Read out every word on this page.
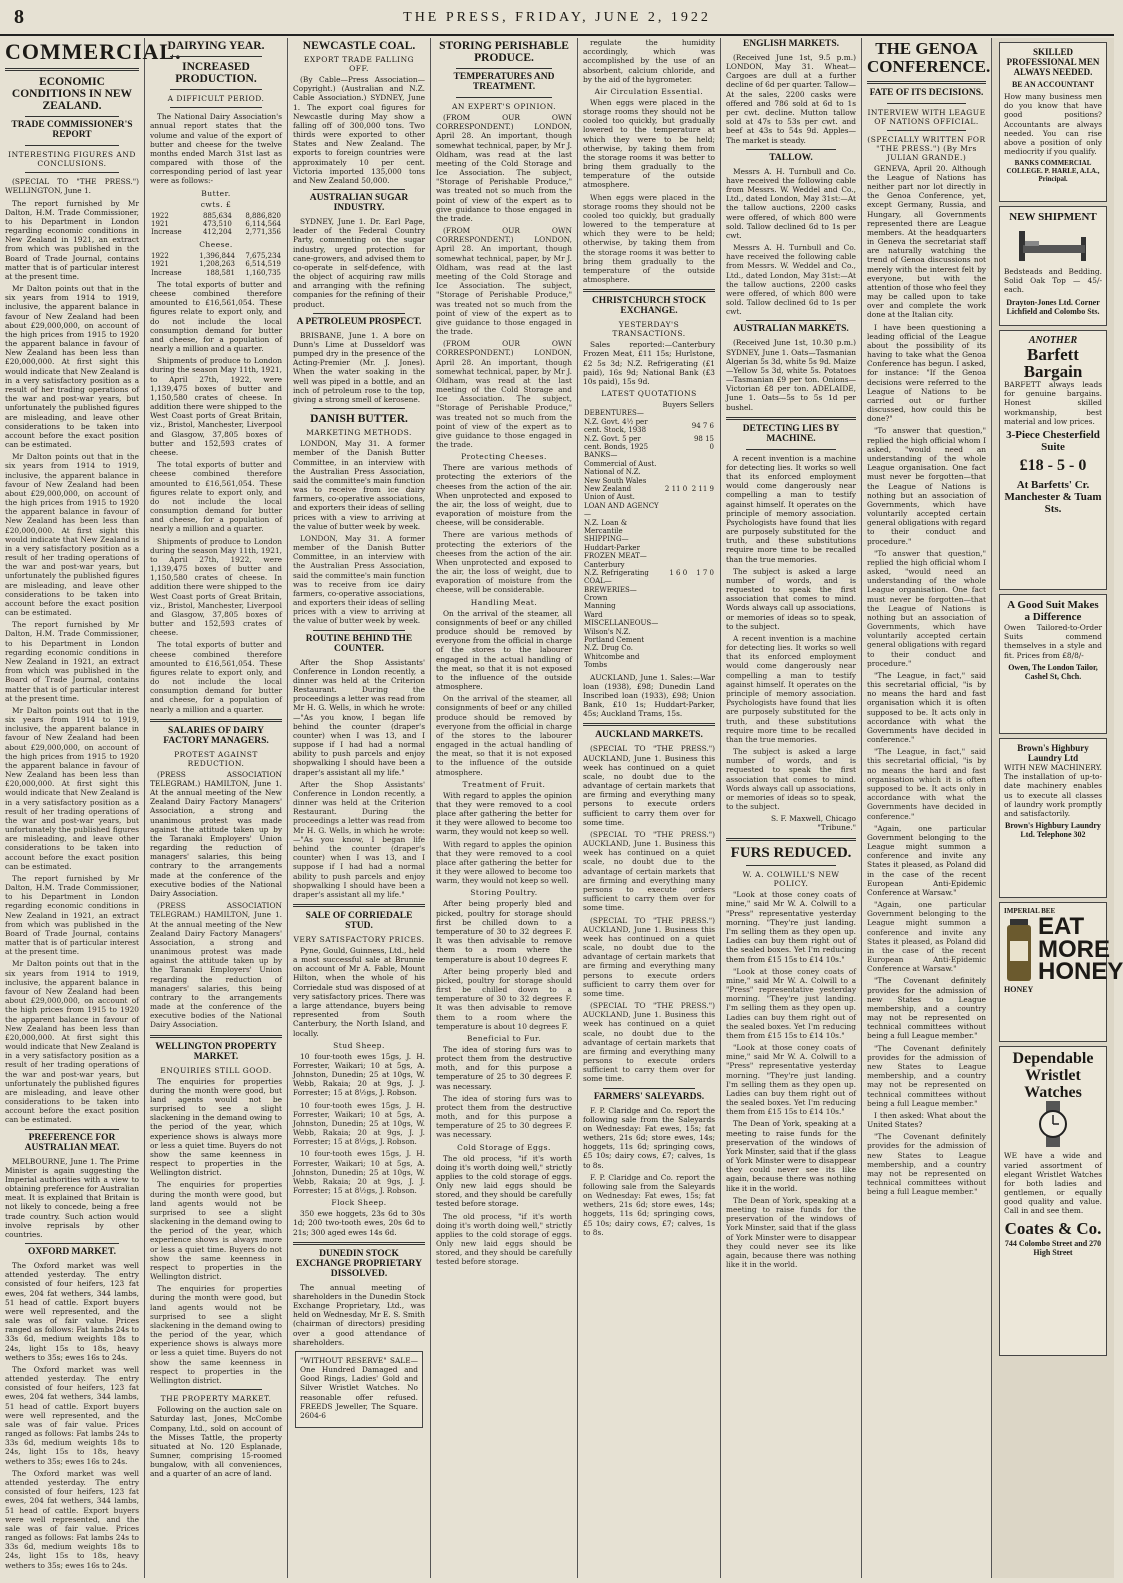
8	THE PRESS, FRIDAY, JUNE 2, 1922
COMMERCIAL.
ECONOMIC CONDITIONS IN NEW ZEALAND.
TRADE COMMISSIONER'S REPORT
INTERESTING FIGURES AND CONCLUSIONS.

(SPECIAL TO "THE PRESS.") WELLINGTON, June 1.

The report furnished by Mr Dalton, H.M. Trade Commissioner, to his Department in London regarding economic conditions in New Zealand in 1921, an extract from which was published in the Board of Trade Journal, contains matter that is of particular interest at the present time.

Mr Dalton points out that in the six years from 1914 to 1919, inclusive, the apparent balance in favour of New Zealand had been about £29,000,000, on account of the high prices from 1915 to 1920 the apparent balance in favour of New Zealand has been less than £20,000,000. At first sight this would indicate that New Zealand is in a very satisfactory position as a result of her trading operations of the war and post-war years, but unfortunately the published figures are misleading, and leave other considerations to be taken into account before the exact position can be estimated.

Mr Dalton points out that in the six years from 1914 to 1919, inclusive, the apparent balance in favour of New Zealand had been about £29,000,000, on account of the high prices from 1915 to 1920 the apparent balance in favour of New Zealand has been less than £20,000,000. At first sight this would indicate that New Zealand is in a very satisfactory position as a result of her trading operations of the war and post-war years, but unfortunately the published figures are misleading, and leave other considerations to be taken into account before the exact position can be estimated.

The report furnished by Mr Dalton, H.M. Trade Commissioner, to his Department in London regarding economic conditions in New Zealand in 1921, an extract from which was published in the Board of Trade Journal, contains matter that is of particular interest at the present time.

Mr Dalton points out that in the six years from 1914 to 1919, inclusive, the apparent balance in favour of New Zealand had been about £29,000,000, on account of the high prices from 1915 to 1920 the apparent balance in favour of New Zealand has been less than £20,000,000. At first sight this would indicate that New Zealand is in a very satisfactory position as a result of her trading operations of the war and post-war years, but unfortunately the published figures are misleading, and leave other considerations to be taken into account before the exact position can be estimated.

The report furnished by Mr Dalton, H.M. Trade Commissioner, to his Department in London regarding economic conditions in New Zealand in 1921, an extract from which was published in the Board of Trade Journal, contains matter that is of particular interest at the present time.

Mr Dalton points out that in the six years from 1914 to 1919, inclusive, the apparent balance in favour of New Zealand had been about £29,000,000, on account of the high prices from 1915 to 1920 the apparent balance in favour of New Zealand has been less than £20,000,000. At first sight this would indicate that New Zealand is in a very satisfactory position as a result of her trading operations of the war and post-war years, but unfortunately the published figures are misleading, and leave other considerations to be taken into account before the exact position can be estimated.

PREFERENCE FOR AUSTRALIAN MEAT.

MELBOURNE, June 1. The Prime Minister is again suggesting the Imperial authorities with a view to obtaining preference for Australian meat. It is explained that Britain is not likely to concede, being a free trade country. Such action would involve reprisals by other countries.

OXFORD MARKET.

The Oxford market was well attended yesterday. The entry consisted of four heifers, 123 fat ewes, 204 fat wethers, 344 lambs, 51 head of cattle. Export buyers were well represented, and the sale was of fair value. Prices ranged as follows: Fat lambs 24s to 33s 6d, medium weights 18s to 24s, light 15s to 18s, heavy wethers to 35s; ewes 16s to 24s.

The Oxford market was well attended yesterday. The entry consisted of four heifers, 123 fat ewes, 204 fat wethers, 344 lambs, 51 head of cattle. Export buyers were well represented, and the sale was of fair value. Prices ranged as follows: Fat lambs 24s to 33s 6d, medium weights 18s to 24s, light 15s to 18s, heavy wethers to 35s; ewes 16s to 24s.

The Oxford market was well attended yesterday. The entry consisted of four heifers, 123 fat ewes, 204 fat wethers, 344 lambs, 51 head of cattle. Export buyers were well represented, and the sale was of fair value. Prices ranged as follows: Fat lambs 24s to 33s 6d, medium weights 18s to 24s, light 15s to 18s, heavy wethers to 35s; ewes 16s to 24s.

DAIRYING YEAR.
INCREASED PRODUCTION.
A DIFFICULT PERIOD.

The National Dairy Association's annual report states that the volume and value of the export of butter and cheese for the twelve months ended March 31st last as compared with those of the corresponding period of last year were as follows:-

Butter.
cwts. £
1922	885,634	8,886,820
1921	473,510	6,114,564
Increase	412,204	2,771,356
Cheese.
1922	1,396,844	7,675,234
1921	1,208,263	6,514,519
Increase	188,581	1,160,735

The total exports of butter and cheese combined therefore amounted to £16,561,054. These figures relate to export only, and do not include the local consumption demand for butter and cheese, for a population of nearly a million and a quarter.

Shipments of produce to London during the season May 11th, 1921, to April 27th, 1922, were 1,139,475 boxes of butter and 1,150,580 crates of cheese. In addition there were shipped to the West Coast ports of Great Britain, viz., Bristol, Manchester, Liverpool and Glasgow, 37,805 boxes of butter and 152,593 crates of cheese.

The total exports of butter and cheese combined therefore amounted to £16,561,054. These figures relate to export only, and do not include the local consumption demand for butter and cheese, for a population of nearly a million and a quarter.

Shipments of produce to London during the season May 11th, 1921, to April 27th, 1922, were 1,139,475 boxes of butter and 1,150,580 crates of cheese. In addition there were shipped to the West Coast ports of Great Britain, viz., Bristol, Manchester, Liverpool and Glasgow, 37,805 boxes of butter and 152,593 crates of cheese.

The total exports of butter and cheese combined therefore amounted to £16,561,054. These figures relate to export only, and do not include the local consumption demand for butter and cheese, for a population of nearly a million and a quarter.

SALARIES OF DAIRY FACTORY MANAGERS.
PROTEST AGAINST REDUCTION.

(PRESS ASSOCIATION TELEGRAM.) HAMILTON, June 1. At the annual meeting of the New Zealand Dairy Factory Managers' Association, a strong and unanimous protest was made against the attitude taken up by the Taranaki Employers' Union regarding the reduction of managers' salaries, this being contrary to the arrangements made at the conference of the executive bodies of the National Dairy Association.

(PRESS ASSOCIATION TELEGRAM.) HAMILTON, June 1. At the annual meeting of the New Zealand Dairy Factory Managers' Association, a strong and unanimous protest was made against the attitude taken up by the Taranaki Employers' Union regarding the reduction of managers' salaries, this being contrary to the arrangements made at the conference of the executive bodies of the National Dairy Association.

WELLINGTON PROPERTY MARKET.
ENQUIRIES STILL GOOD.

The enquiries for properties during the month were good, but land agents would not be surprised to see a slight slackening in the demand owing to the period of the year, which experience shows is always more or less a quiet time. Buyers do not show the same keenness in respect to properties in the Wellington district.

The enquiries for properties during the month were good, but land agents would not be surprised to see a slight slackening in the demand owing to the period of the year, which experience shows is always more or less a quiet time. Buyers do not show the same keenness in respect to properties in the Wellington district.

The enquiries for properties during the month were good, but land agents would not be surprised to see a slight slackening in the demand owing to the period of the year, which experience shows is always more or less a quiet time. Buyers do not show the same keenness in respect to properties in the Wellington district.

THE PROPERTY MARKET.

Following on the auction sale on Saturday last, Jones, McCombe Company, Ltd., sold on account of the Misses Tattle, the property situated at No. 120 Esplanade, Sumner, comprising 15-roomed bungalow, with all conveniences, and a quarter of an acre of land.

NEWCASTLE COAL.
EXPORT TRADE FALLING OFF.

(By Cable—Press Association—Copyright.) (Australian and N.Z. Cable Association.) SYDNEY, June 1. The export coal figures for Newcastle during May show a falling off of 300,000 tons. Two thirds were exported to other States and New Zealand. The exports to foreign countries were approximately 10 per cent. Victoria imported 135,000 tons and New Zealand 50,000.

AUSTRALIAN SUGAR INDUSTRY.

SYDNEY, June 1. Dr. Earl Page, leader of the Federal Country Party, commenting on the sugar industry, urged protection for cane-growers, and advised them to co-operate in self-defence, with the object of acquiring raw mills and arranging with the refining companies for the refining of their product.

A PETROLEUM PROSPECT.

BRISBANE, June 1. A bore on Dunn's Lime at Dusseldorf was pumped dry in the presence of the Acting-Premier (Mr. J. Jones). When the water soaking in the well was piped in a bottle, and an inch of petroleum rose to the top, giving a strong smell of kerosene.

DANISH BUTTER.
MARKETING METHODS.

LONDON, May 31. A former member of the Danish Butter Committee, in an interview with the Australian Press Association, said the committee's main function was to receive from ice dairy farmers, co-operative associations, and exporters their ideas of selling prices with a view to arriving at the value of butter week by week.

LONDON, May 31. A former member of the Danish Butter Committee, in an interview with the Australian Press Association, said the committee's main function was to receive from ice dairy farmers, co-operative associations, and exporters their ideas of selling prices with a view to arriving at the value of butter week by week.

ROUTINE BEHIND THE COUNTER.

After the Shop Assistants' Conference in London recently, a dinner was held at the Criterion Restaurant. During the proceedings a letter was read from Mr H. G. Wells, in which he wrote:—"As you know, I began life behind the counter (draper's counter) when I was 13, and I suppose if I had had a normal ability to push parcels and enjoy shopwalking I should have been a draper's assistant all my life."

After the Shop Assistants' Conference in London recently, a dinner was held at the Criterion Restaurant. During the proceedings a letter was read from Mr H. G. Wells, in which he wrote:—"As you know, I began life behind the counter (draper's counter) when I was 13, and I suppose if I had had a normal ability to push parcels and enjoy shopwalking I should have been a draper's assistant all my life."

SALE OF CORRIEDALE STUD.
VERY SATISFACTORY PRICES.

Pyne, Gould, Guinness, Ltd., held a most successful sale at Brunnie on account of Mr A. Fable, Mount Hilton, when the whole of his Corriedale stud was disposed of at very satisfactory prices. There was a large attendance, buyers being represented from South Canterbury, the North Island, and locally.

Stud Sheep.

10 four-tooth ewes 15gs, J. H. Forrester, Waikari; 10 at 5gs, A. Johnston, Dunedin; 25 at 10gs, W. Webb, Rakaia; 20 at 9gs, J. J. Forrester; 15 at 8½gs, J. Robson.

10 four-tooth ewes 15gs, J. H. Forrester, Waikari; 10 at 5gs, A. Johnston, Dunedin; 25 at 10gs, W. Webb, Rakaia; 20 at 9gs, J. J. Forrester; 15 at 8½gs, J. Robson.

10 four-tooth ewes 15gs, J. H. Forrester, Waikari; 10 at 5gs, A. Johnston, Dunedin; 25 at 10gs, W. Webb, Rakaia; 20 at 9gs, J. J. Forrester; 15 at 8½gs, J. Robson.

Flock Sheep.

350 ewe hoggets, 23s 6d to 30s 1d; 200 two-tooth ewes, 20s 6d to 21s; 300 aged ewes 14s 6d.

DUNEDIN STOCK EXCHANGE PROPRIETARY DISSOLVED.

The annual meeting of shareholders in the Dunedin Stock Exchange Proprietary, Ltd., was held on Wednesday, Mr E. S. Smith (chairman of directors) presiding over a good attendance of shareholders.

"WITHOUT RESERVE" SALE—One Hundred Damaged and Good Rings, Ladies' Gold and Silver Wristlet Watches. No reasonable offer refused. FREEDS Jeweller, The Square. 2604-6

STORING PERISHABLE PRODUCE.
TEMPERATURES AND TREATMENT.
AN EXPERT'S OPINION.

(FROM OUR OWN CORRESPONDENT.) LONDON, April 28. An important, though somewhat technical, paper, by Mr J. Oldham, was read at the last meeting of the Cold Storage and Ice Association. The subject, "Storage of Perishable Produce," was treated not so much from the point of view of the expert as to give guidance to those engaged in the trade.

(FROM OUR OWN CORRESPONDENT.) LONDON, April 28. An important, though somewhat technical, paper, by Mr J. Oldham, was read at the last meeting of the Cold Storage and Ice Association. The subject, "Storage of Perishable Produce," was treated not so much from the point of view of the expert as to give guidance to those engaged in the trade.

(FROM OUR OWN CORRESPONDENT.) LONDON, April 28. An important, though somewhat technical, paper, by Mr J. Oldham, was read at the last meeting of the Cold Storage and Ice Association. The subject, "Storage of Perishable Produce," was treated not so much from the point of view of the expert as to give guidance to those engaged in the trade.

Protecting Cheeses.

There are various methods of protecting the exteriors of the cheeses from the action of the air. When unprotected and exposed to the air, the loss of weight, due to evaporation of moisture from the cheese, will be considerable.

There are various methods of protecting the exteriors of the cheeses from the action of the air. When unprotected and exposed to the air, the loss of weight, due to evaporation of moisture from the cheese, will be considerable.

Handling Meat.

On the arrival of the steamer, all consignments of beef or any chilled produce should be removed by everyone from the official in charge of the stores to the labourer engaged in the actual handling of the meat, so that it is not exposed to the influence of the outside atmosphere.

On the arrival of the steamer, all consignments of beef or any chilled produce should be removed by everyone from the official in charge of the stores to the labourer engaged in the actual handling of the meat, so that it is not exposed to the influence of the outside atmosphere.

Treatment of Fruit.

With regard to apples the opinion that they were removed to a cool place after gathering the better for it they were allowed to become too warm, they would not keep so well.

With regard to apples the opinion that they were removed to a cool place after gathering the better for it they were allowed to become too warm, they would not keep so well.

Storing Poultry.

After being properly bled and picked, poultry for storage should first be chilled down to a temperature of 30 to 32 degrees F. It was then advisable to remove them to a room where the temperature is about 10 degrees F.

After being properly bled and picked, poultry for storage should first be chilled down to a temperature of 30 to 32 degrees F. It was then advisable to remove them to a room where the temperature is about 10 degrees F.

Beneficial to Fur.

The idea of storing furs was to protect them from the destructive moth, and for this purpose a temperature of 25 to 30 degrees F. was necessary.

The idea of storing furs was to protect them from the destructive moth, and for this purpose a temperature of 25 to 30 degrees F. was necessary.

Cold Storage of Eggs.

The old process, "if it's worth doing it's worth doing well," strictly applies to the cold storage of eggs. Only new laid eggs should be stored, and they should be carefully tested before storage.

The old process, "if it's worth doing it's worth doing well," strictly applies to the cold storage of eggs. Only new laid eggs should be stored, and they should be carefully tested before storage.

regulate the humidity accordingly, which was accomplished by the use of an absorbent, calcium chloride, and by the aid of the hygrometer.

Air Circulation Essential.

When eggs were placed in the storage rooms they should not be cooled too quickly, but gradually lowered to the temperature at which they were to be held; otherwise, by taking them from the storage rooms it was better to bring them gradually to the temperature of the outside atmosphere.

When eggs were placed in the storage rooms they should not be cooled too quickly, but gradually lowered to the temperature at which they were to be held; otherwise, by taking them from the storage rooms it was better to bring them gradually to the temperature of the outside atmosphere.

CHRISTCHURCH STOCK EXCHANGE.
YESTERDAY'S TRANSACTIONS.

Sales reported:—Canterbury Frozen Meat, £11 15s; Hurlstone, £2 5s 3d; N.Z. Refrigerating (£1 paid), 16s 9d; National Bank (£3 10s paid), 15s 9d.

LATEST QUOTATIONS
	Buyers	Sellers
DEBENTURES—		
N.Z. Govt. 4½ per cent. Stock, 1938		94 7 6
N.Z. Govt. 5 per cent. Bonds, 1925		98 15 0
BANKS—		
Commercial of Aust.		
National of N.Z.		
New South Wales		
New Zealand	2 11 0	2 11 9
Union of Aust.		
LOAN AND AGENCY—		
N.Z. Loan & Mercantile		
SHIPPING—		
Huddart-Parker		
FROZEN MEAT—		
Canterbury		
N.Z. Refrigerating	1 6 0	1 7 0
COAL—		
BREWERIES—		
Crown		
Manning		
Ward		
MISCELLANEOUS—		
Wilson's N.Z. Portland Cement		
N.Z. Drug Co.		
Whitcombe and Tombs		

AUCKLAND, June 1. Sales:—War loan (1938), £98; Dunedin Land Inscribed loan (1933), £98; Union Bank, £10 1s; Huddart-Parker, 45s; Auckland Trams, 15s.

AUCKLAND MARKETS.

(SPECIAL TO "THE PRESS.") AUCKLAND, June 1. Business this week has continued on a quiet scale, no doubt due to the advantage of certain markets that are firming and everything many persons to execute orders sufficient to carry them over for some time.

(SPECIAL TO "THE PRESS.") AUCKLAND, June 1. Business this week has continued on a quiet scale, no doubt due to the advantage of certain markets that are firming and everything many persons to execute orders sufficient to carry them over for some time.

(SPECIAL TO "THE PRESS.") AUCKLAND, June 1. Business this week has continued on a quiet scale, no doubt due to the advantage of certain markets that are firming and everything many persons to execute orders sufficient to carry them over for some time.

(SPECIAL TO "THE PRESS.") AUCKLAND, June 1. Business this week has continued on a quiet scale, no doubt due to the advantage of certain markets that are firming and everything many persons to execute orders sufficient to carry them over for some time.

FARMERS' SALEYARDS.

F. P. Claridge and Co. report the following sale from the Saleyards on Wednesday: Fat ewes, 15s; fat wethers, 21s 6d; store ewes, 14s; hoggets, 11s 6d; springing cows, £5 10s; dairy cows, £7; calves, 1s to 8s.

F. P. Claridge and Co. report the following sale from the Saleyards on Wednesday: Fat ewes, 15s; fat wethers, 21s 6d; store ewes, 14s; hoggets, 11s 6d; springing cows, £5 10s; dairy cows, £7; calves, 1s to 8s.

ENGLISH MARKETS.

(Received June 1st, 9.5 p.m.) LONDON, May 31. Wheat—Cargoes are dull at a further decline of 6d per quarter. Tallow—At the sales, 2200 casks were offered and 786 sold at 6d to 1s per cwt. decline. Mutton tallow sold at 47s to 53s per cwt. and beef at 43s to 54s 9d. Apples—The market is steady.

TALLOW.

Messrs A. H. Turnbull and Co. have received the following cable from Messrs. W. Weddel and Co., Ltd., dated London, May 31st:—At the tallow auctions, 2200 casks were offered, of which 800 were sold. Tallow declined 6d to 1s per cwt.

Messrs A. H. Turnbull and Co. have received the following cable from Messrs. W. Weddel and Co., Ltd., dated London, May 31st:—At the tallow auctions, 2200 casks were offered, of which 800 were sold. Tallow declined 6d to 1s per cwt.

AUSTRALIAN MARKETS.

(Received June 1st, 10.30 p.m.) SYDNEY, June 1. Oats—Tasmanian Algerian 5s 3d, white 5s 9d. Maize—Yellow 5s 3d, white 5s. Potatoes—Tasmanian £9 per ton. Onions—Victorian £8 per ton. ADELAIDE, June 1. Oats—5s to 5s 1d per bushel.

DETECTING LIES BY MACHINE.

A recent invention is a machine for detecting lies. It works so well that its enforced employment would come dangerously near compelling a man to testify against himself. It operates on the principle of memory association. Psychologists have found that lies are purposely substituted for the truth, and these substitutions require more time to be recalled than the true memories.

The subject is asked a large number of words, and is requested to speak the first association that comes to mind. Words always call up associations, or memories of ideas so to speak, to the subject.

A recent invention is a machine for detecting lies. It works so well that its enforced employment would come dangerously near compelling a man to testify against himself. It operates on the principle of memory association. Psychologists have found that lies are purposely substituted for the truth, and these substitutions require more time to be recalled than the true memories.

The subject is asked a large number of words, and is requested to speak the first association that comes to mind. Words always call up associations, or memories of ideas so to speak, to the subject.

S. F. Maxwell, Chicago "Tribune."

FURS REDUCED.
W. A. COLWILL'S NEW POLICY.

"Look at those coney coats of mine," said Mr W. A. Colwill to a "Press" representative yesterday morning. "They're just landing. I'm selling them as they open up. Ladies can buy them right out of the sealed boxes. Yet I'm reducing them from £15 15s to £14 10s."

"Look at those coney coats of mine," said Mr W. A. Colwill to a "Press" representative yesterday morning. "They're just landing. I'm selling them as they open up. Ladies can buy them right out of the sealed boxes. Yet I'm reducing them from £15 15s to £14 10s."

"Look at those coney coats of mine," said Mr W. A. Colwill to a "Press" representative yesterday morning. "They're just landing. I'm selling them as they open up. Ladies can buy them right out of the sealed boxes. Yet I'm reducing them from £15 15s to £14 10s."

The Dean of York, speaking at a meeting to raise funds for the preservation of the windows of York Minster, said that if the glass of York Minster were to disappear they could never see its like again, because there was nothing like it in the world.

The Dean of York, speaking at a meeting to raise funds for the preservation of the windows of York Minster, said that if the glass of York Minster were to disappear they could never see its like again, because there was nothing like it in the world.

THE GENOA CONFERENCE.
FATE OF ITS DECISIONS.
INTERVIEW WITH LEAGUE OF NATIONS OFFICIAL.
(SPECIALLY WRITTEN FOR "THE PRESS.") (By Mrs JULIAN GRANDE.)

GENEVA, April 20. Although the League of Nations has neither part nor lot directly in the Genoa Conference, yet, except Germany, Russia, and Hungary, all Governments represented there are League members. At the headquarters in Geneva the secretariat staff are naturally watching the trend of Genoa discussions not merely with the interest felt by everyone, but with the attention of those who feel they may be called upon to take over and complete the work done at the Italian city.

I have been questioning a leading official of the League about the possibility of its having to take what the Genoa Conference has begun. I asked, for instance: "If the Genoa decisions were referred to the League of Nations to be carried out or further discussed, how could this be done?"

"To answer that question," replied the high official whom I asked, "would need an understanding of the whole League organisation. One fact must never be forgotten—that the League of Nations is nothing but an association of Governments, which have voluntarily accepted certain general obligations with regard to their conduct and procedure."

"To answer that question," replied the high official whom I asked, "would need an understanding of the whole League organisation. One fact must never be forgotten—that the League of Nations is nothing but an association of Governments, which have voluntarily accepted certain general obligations with regard to their conduct and procedure."

"The League, in fact," said this secretarial official, "is by no means the hard and fast organisation which it is often supposed to be. It acts only in accordance with what the Governments have decided in conference."

"The League, in fact," said this secretarial official, "is by no means the hard and fast organisation which it is often supposed to be. It acts only in accordance with what the Governments have decided in conference."

"Again, one particular Government belonging to the League might summon a conference and invite any States it pleased, as Poland did in the case of the recent European Anti-Epidemic Conference at Warsaw."

"Again, one particular Government belonging to the League might summon a conference and invite any States it pleased, as Poland did in the case of the recent European Anti-Epidemic Conference at Warsaw."

"The Covenant definitely provides for the admission of new States to League membership, and a country may not be represented on technical committees without being a full League member."

"The Covenant definitely provides for the admission of new States to League membership, and a country may not be represented on technical committees without being a full League member."

I then asked: What about the United States?

"The Covenant definitely provides for the admission of new States to League membership, and a country may not be represented on technical committees without being a full League member."

SKILLED PROFESSIONAL MEN ALWAYS NEEDED.
BE AN ACCOUNTANT

How many business men do you know that have good positions? Accountants are always needed. You can rise above a position of only mediocrity if you qualify.

BANKS COMMERCIAL COLLEGE. P. HARLE, A.I.A., Principal.
NEW SHIPMENT

Bedsteads and Bedding. Solid Oak Top — 45/- each.

Drayton-Jones Ltd. Corner Lichfield and Colombo Sts.
ANOTHER
Barfett Bargain

BARFETT always leads for genuine bargains. Honest skilled workmanship, best material and low prices.

3-Piece Chesterfield Suite
£18 - 5 - 0
At Barfetts' Cr. Manchester & Tuam Sts.
A Good Suit Makes a Difference

Owen Tailored-to-Order Suits commend themselves in a style and fit. Prices from £8/8/-

Owen, The London Tailor, Cashel St, Chch.
Brown's Highbury Laundry Ltd

WITH NEW MACHINERY. The installation of up-to-date machinery enables us to execute all classes of laundry work promptly and satisfactorily.

Brown's Highbury Laundry Ltd. Telephone 302
IMPERIAL BEE
EAT MORE HONEY
HONEY
Dependable Wristlet Watches

WE have a wide and varied assortment of elegant Wristlet Watches for both ladies and gentlemen, or equally good quality and value. Call in and see them.

Coates & Co.
744 Colombo Street and 270 High Street
